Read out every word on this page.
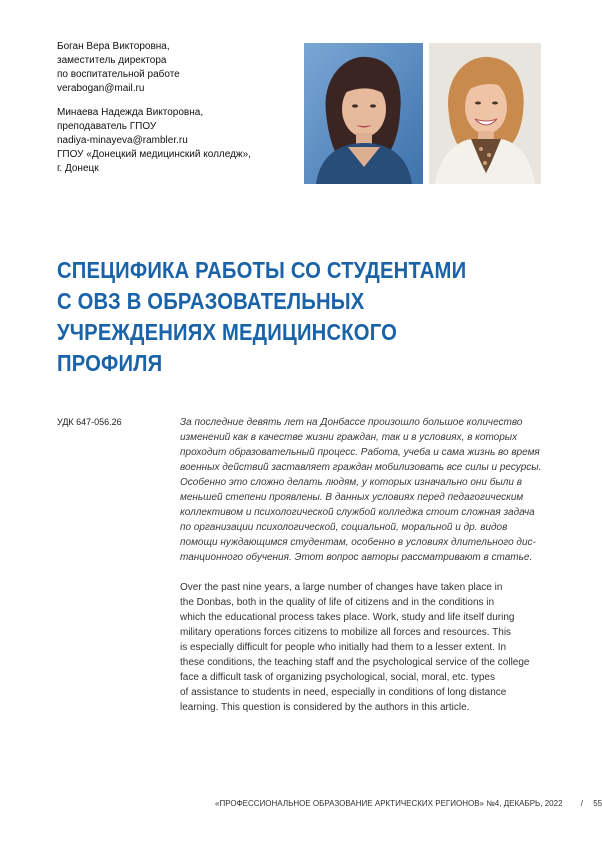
Боган Вера Викторовна,
заместитель директора
по воспитательной работе
verabogan@mail.ru
Минаева Надежда Викторовна,
преподаватель ГПОУ
nadiya-minayeva@rambler.ru
ГПОУ «Донецкий медицинский колледж»,
г. Донецк
СПЕЦИФИКА РАБОТЫ СО СТУДЕНТАМИ
С ОВЗ В ОБРАЗОВАТЕЛЬНЫХ
УЧРЕЖДЕНИЯХ МЕДИЦИНСКОГО
ПРОФИЛЯ
УДК 647-056.26	За последние девять лет на Донбассе произошло большое количество
изменений как в качестве жизни граждан, так и в условиях, в которых
проходит образовательный процесс. Работа, учеба и сама жизнь во время
военных действий заставляет граждан мобилизовать все силы и ресурсы.
Особенно это сложно делать людям, у которых изначально они были в
меньшей степени проявлены. В данных условиях перед педагогическим
коллективом и психологической службой колледжа стоит сложная задача
по организации психологической, социальной, моральной и др. видов
помощи нуждающимся студентам, особенно в условиях длительного дис-
танционного обучения. Этот вопрос авторы рассматривают в статье.
Over the past nine years, a large number of changes have taken place in
the Donbas, both in the quality of life of citizens and in the conditions in
which the educational process takes place. Work, study and life itself during
military operations forces citizens to mobilize all forces and resources. This
is especially difficult for people who initially had them to a lesser extent. In
these conditions, the teaching staff and the psychological service of the college
face a difficult task of organizing psychological, social, moral, etc. types
of assistance to students in need, especially in conditions of long distance
learning. This question is considered by the authors in this article.
«ПРОФЕССИОНАЛЬНОЕ ОБРАЗОВАНИЕ АРКТИЧЕСКИХ РЕГИОНОВ» №4, ДЕКАБРЬ, 2022 / 55
